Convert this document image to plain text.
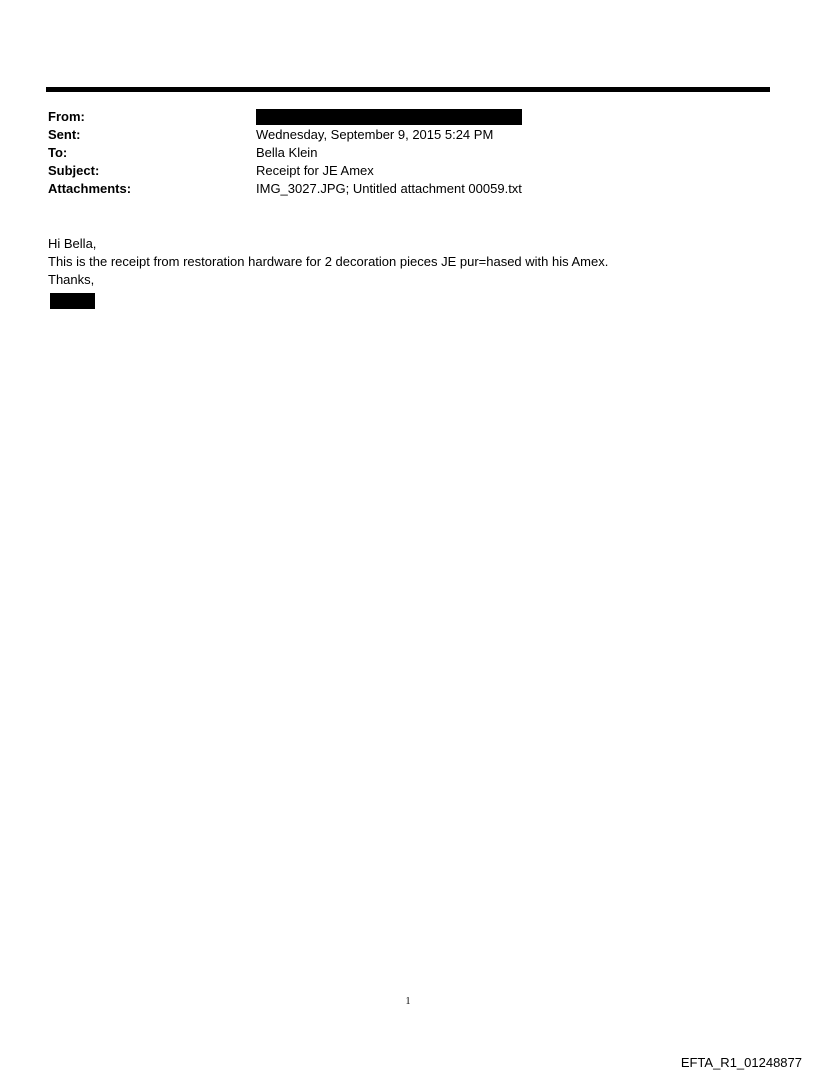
From:
Sent:	Wednesday, September 9, 2015 5:24 PM
To:	Bella Klein
Subject:	Receipt for JE Amex
Attachments:	IMG_3027.JPG; Untitled attachment 00059.txt

Hi Bella,

This is the receipt from restoration hardware for 2 decoration pieces JE pur=hased with his Amex.

Thanks,

1
EFTA_R1_01248877
